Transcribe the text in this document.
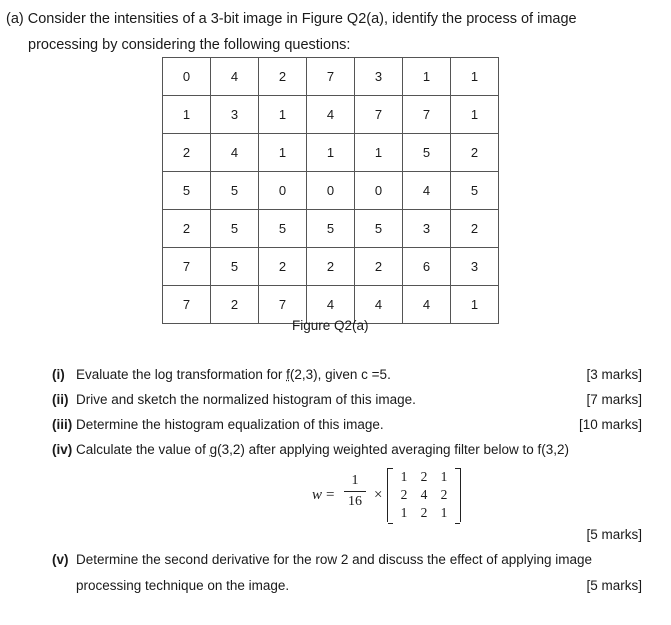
(a) Consider the intensities of a 3-bit image in Figure Q2(a), identify the process of image
processing by considering the following questions:
0	4	2	7	3	1	1
1	3	1	4	7	7	1
2	4	1	1	1	5	2
5	5	0	0	0	4	5
2	5	5	5	5	3	2
7	5	2	2	2	6	3
7	2	7	4	4	4	1
Figure Q2(a)
(i) Evaluate the log transformation for f(2,3), given c =5.	[3 marks]
(ii) Drive and sketch the normalized histogram of this image.	[7 marks]
(iii) Determine the histogram equalization of this image.	[10 marks]
(iv) Calculate the value of g(3,2) after applying weighted averaging filter below to f(3,2)
w =
1
16 ×
1	2	1
2	4	2
1	2	1
[5 marks]
(v) Determine the second derivative for the row 2 and discuss the effect of applying image
processing technique on the image.	[5 marks]
